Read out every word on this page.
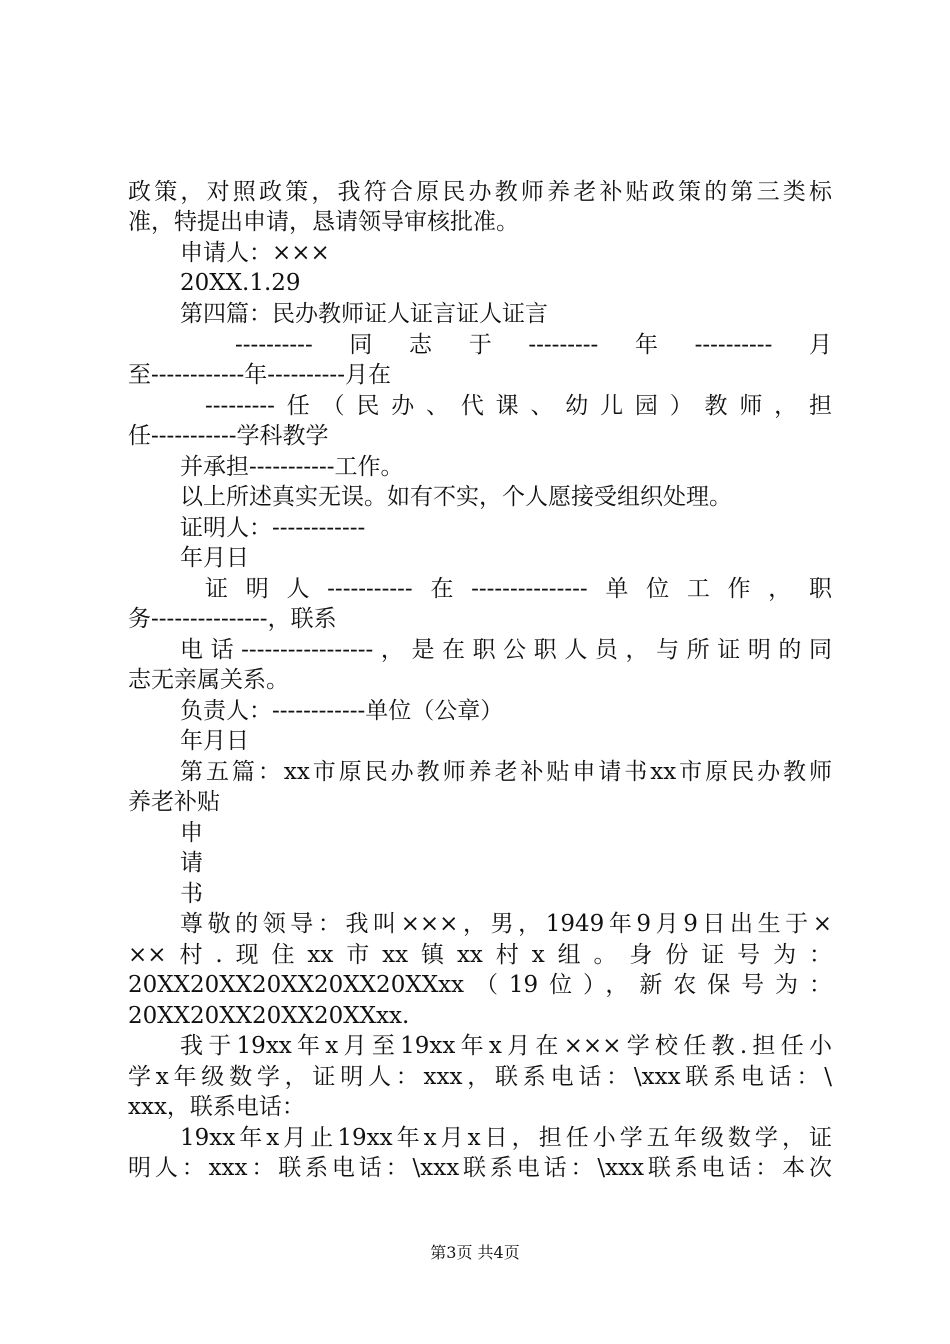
政策，对照政策，我符合原民办教师养老补贴政策的第三类标
准，特提出申请，恳请领导审核批准。
申请人：×××
20XX.1.29
第四篇：民办教师证人证言证人证言
----------同志于---------年----------月
至------------年----------月在
---------任（民办、代课、幼儿园）教师，担
任-----------学科教学
并承担-----------工作。
以上所述真实无误。如有不实，个人愿接受组织处理。
证明人：------------
年月日
证明人-----------在---------------单位工作，职
务---------------，联系
电话-----------------，是在职公职人员，与所证明的同
志无亲属关系。
负责人：------------单位（公章）
年月日
第五篇：xx市原民办教师养老补贴申请书xx市原民办教师
养老补贴
申
请
书
尊敬的领导：我叫×××，男，1949年9月9日出生于×
××村.现住xx市xx镇xx村x组。身份证号为：
20XX20XX20XX20XX20XXxx（19位），新农保号为：
20XX20XX20XX20XXxx.
我于19xx年x月至19xx年x月在×××学校任教.担任小
学x年级数学，证明人：xxx，联系电话：\xxx联系电话：\
xxx，联系电话：
19xx年x月止19xx年x月x日，担任小学五年级数学，证
明人：xxx：联系电话：\xxx联系电话：\xxx联系电话：本次
第3页 共4页
